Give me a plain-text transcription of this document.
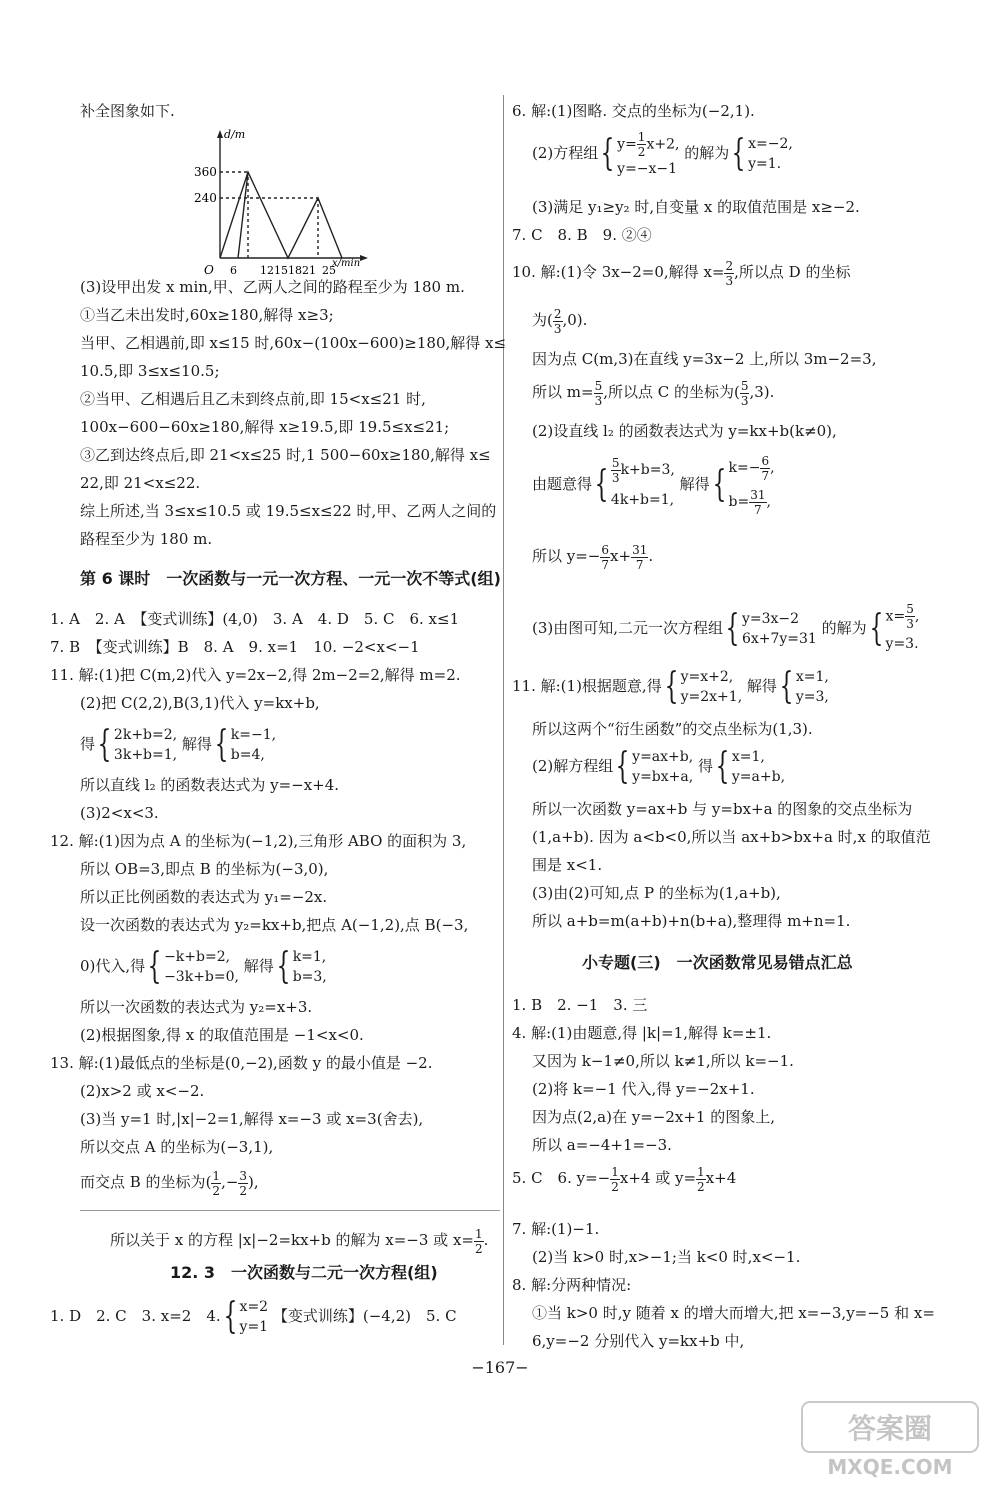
补全图象如下.
d/m
360
240
O 6 12151821 25
x/min
(3)设甲出发 x min,甲、乙两人之间的路程至少为 180 m.
①当乙未出发时,60x≥180,解得 x≥3;
当甲、乙相遇前,即 x≤15 时,60x−(100x−600)≥180,解得 x≤
10.5,即 3≤x≤10.5;
②当甲、乙相遇后且乙未到终点前,即 15<x≤21 时,
100x−600−60x≥180,解得 x≥19.5,即 19.5≤x≤21;
③乙到达终点后,即 21<x≤25 时,1 500−60x≥180,解得 x≤
22,即 21<x≤22.
综上所述,当 3≤x≤10.5 或 19.5≤x≤22 时,甲、乙两人之间的
路程至少为 180 m.
第 6 课时　一次函数与一元一次方程、一元一次不等式(组)
1. A　2. A　【变式训练】(4,0)　3. A　4. D　5. C　6. x≤1
7. B　【变式训练】B　8. A　9. x=1　10. −2<x<−1
11. 解:(1)把 C(m,2)代入 y=2x−2,得 2m−2=2,解得 m=2.
(2)把 C(2,2),B(3,1)代入 y=kx+b,
得{ 2k+b=2,
3k+b=1,
解得{ k=−1,
b=4,
所以直线 l₂ 的函数表达式为 y=−x+4.
(3)2<x<3.
12. 解:(1)因为点 A 的坐标为(−1,2),三角形 ABO 的面积为 3,
所以 OB=3,即点 B 的坐标为(−3,0),
所以正比例函数的表达式为 y₁=−2x.
设一次函数的表达式为 y₂=kx+b,把点 A(−1,2),点 B(−3,
0)代入,得{ −k+b=2,
−3k+b=0,
解得{ k=1,
b=3,
所以一次函数的表达式为 y₂=x+3.
(2)根据图象,得 x 的取值范围是 −1<x<0.
13. 解:(1)最低点的坐标是(0,−2),函数 y 的最小值是 −2.
(2)x>2 或 x<−2.
(3)当 y=1 时,|x|−2=1,解得 x=−3 或 x=3(舍去),
所以交点 A 的坐标为(−3,1),
而交点 B 的坐标为( $\frac{1}{2}$ ,− $\frac{3}{2}$ ),
所以关于 x 的方程 |x|−2=kx+b 的解为 x=−3 或 $x= \frac{1}{2}$ .
12. 3　一次函数与二元一次方程(组)
1. D　2. C　3. x=2　4.{ x=2
y=1
【变式训练】(−4,2)　5. C
6. 解:(1)图略. 交点的坐标为(−2,1).
(2)方程组{ $y= \frac{1}{2} x+2$,
y=−x−1
的解为{ x=−2,
y=1.
(3)满足 y₁≥y₂ 时,自变量 x 的取值范围是 x≥−2.
7. C　8. B　9. ②④
10. 解:(1)令 3x−2=0,解得 $x= \frac{2}{3}$ ,所以点 D 的坐标
为( $\frac{2}{3} ,0$).
因为点 C(m,3)在直线 y=3x−2 上,所以 3m−2=3,
所以 $m= \frac{5}{3}$ ,所以点 C 的坐标为( $\frac{5}{3} ,3$).
(2)设直线 l₂ 的函数表达式为 y=kx+b(k≠0),
由题意得{ $\frac{5}{3} k+b=3$,
4k+b=1,
解得{ $k=- \frac{6}{7}$ ,
$b= \frac{31}{7}$ ,
所以 $y=- \frac{6}{7} x+ \frac{31}{7}$ .
(3)由图可知,二元一次方程组{ y=3x−2
6x+7y=31
的解为{ $x= \frac{5}{3}$ ,
y=3.
11. 解:(1)根据题意,得{ y=x+2,
y=2x+1,
解得{ x=1,
y=3,
所以这两个“衍生函数”的交点坐标为(1,3).
(2)解方程组{ y=ax+b,
y=bx+a,
得{ x=1,
y=a+b,
所以一次函数 y=ax+b 与 y=bx+a 的图象的交点坐标为
(1,a+b). 因为 a<b<0,所以当 ax+b>bx+a 时,x 的取值范
围是 x<1.
(3)由(2)可知,点 P 的坐标为(1,a+b),
所以 a+b=m(a+b)+n(b+a),整理得 m+n=1.
小专题(三)　一次函数常见易错点汇总
1. B　2. −1　3. 三
4. 解:(1)由题意,得 |k|=1,解得 k=±1.
又因为 k−1≠0,所以 k≠1,所以 k=−1.
(2)将 k=−1 代入,得 y=−2x+1.
因为点(2,a)在 y=−2x+1 的图象上,
所以 a=−4+1=−3.
5. C　6. $y=- \frac{1}{2} x+4$ 或 $y= \frac{1}{2} x+4$
7. 解:(1)−1.
(2)当 k>0 时,x>−1;当 k<0 时,x<−1.
8. 解:分两种情况:
①当 k>0 时,y 随着 x 的增大而增大,把 x=−3,y=−5 和 x=
6,y=−2 分别代入 y=kx+b 中,
−167−
答案圈
MXQE.COM
